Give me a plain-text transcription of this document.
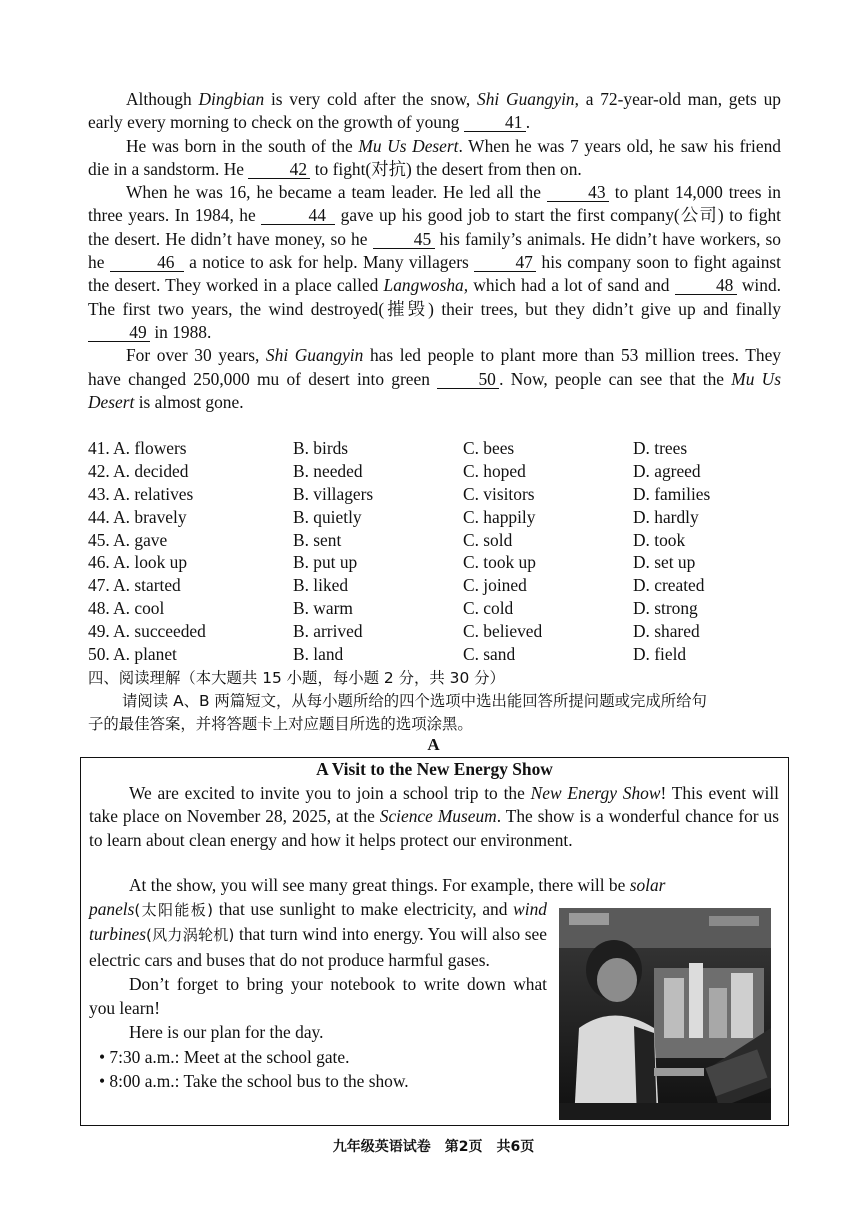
Although Dingbian is very cold after the snow, Shi Guangyin, a 72-year-old man, gets up early every morning to check on the growth of young 41 .

He was born in the south of the Mu Us Desert. When he was 7 years old, he saw his friend die in a sandstorm. He 42 to fight(对抗) the desert from then on.

When he was 16, he became a team leader. He led all the 43 to plant 14,000 trees in three years. In 1984, he	44 gave up his good job to start the first company(公司) to fight the desert. He didn’t have money, so he 45 his family’s animals. He didn’t have workers, so he	46 a notice to ask for help. Many villagers 47 his company soon to fight against the desert. They worked in a place called Langwosha, which had a lot of sand and 48 wind. The first two years, the wind destroyed(摧毁) their trees, but they didn’t give up and finally 49 in 1988.

For over 30 years, Shi Guangyin has led people to plant more than 53 million trees. They have changed 250,000 mu of desert into green 50 . Now, people can see that the Mu Us Desert is almost gone.

41. A. flowers	B. birds	C. bees	D. trees
42. A. decided	B. needed	C. hoped	D. agreed
43. A. relatives	B. villagers	C. visitors	D. families
44. A. bravely	B. quietly	C. happily	D. hardly
45. A. gave	B. sent	C. sold	D. took
46. A. look up	B. put up	C. took up	D. set up
47. A. started	B. liked	C. joined	D. created
48. A. cool	B. warm	C. cold	D. strong
49. A. succeeded	B. arrived	C. believed	D. shared
50. A. planet	B. land	C. sand	D. field
四、阅读理解（本大题共 15 小题，每小题 2 分，共 30 分）
请阅读 A、B 两篇短文，从每小题所给的四个选项中选出能回答所提问题或完成所给句
子的最佳答案，并将答题卡上对应题目所选的选项涂黑。
A
A Visit to the New Energy Show

We are excited to invite you to join a school trip to the New Energy Show! This event will take place on November 28, 2025, at the Science Museum. The show is a wonderful chance for us to learn about clean energy and how it helps protect our environment.

At the show, you will see many great things. For example, there will be solar

panels(太阳能板) that use sunlight to make electricity, and wind turbines(风力涡轮机) that turn wind into energy. You will also see electric cars and buses that do not produce harmful gases.

Don’t forget to bring your notebook to write down what you learn!

Here is our plan for the day.

• 7:30 a.m.: Meet at the school gate.

• 8:00 a.m.: Take the school bus to the show.

九年级英语试卷　第2页　共6页
